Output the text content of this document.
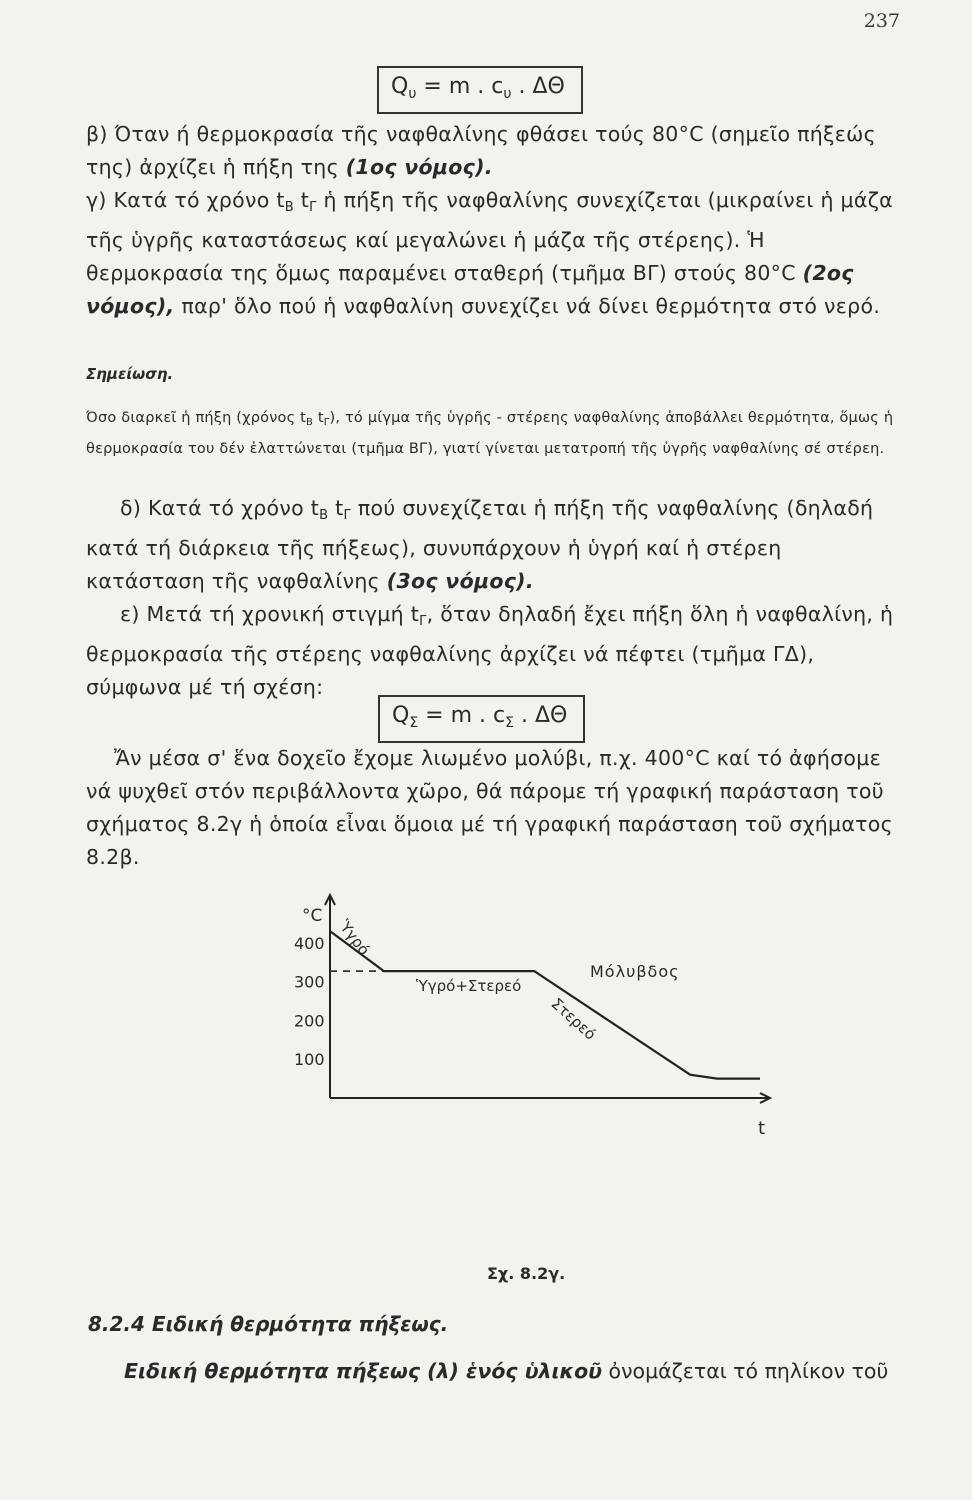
237
$Q_\upsilon = m$ . $c_\upsilon$ . ΔΘ

β) Όταν ή θερμοκρασία τῆς ναφθαλίνης φθάσει τούς 80°C (σημεῖο πήξεώς της) ἀρχίζει ἡ πήξη της (1ος νόμος).

γ) Κατά τό χρόνο $t_B$ $t_\Gamma$ ἡ πήξη τῆς ναφθαλίνης συνεχίζεται (μικραίνει ἡ μάζα τῆς ὑγρῆς καταστάσεως καί μεγαλώνει ἡ μάζα τῆς στέρεης). Ἡ θερμοκρασία της ὅμως παραμένει σταθερή (τμῆμα ΒΓ) στούς 80°C (2ος νόμος), παρ' ὅλο πού ἡ ναφθαλίνη συνεχίζει νά δίνει θερμότητα στό νερό.

Σημείωση.
Όσο διαρκεῖ ἡ πήξη (χρόνος $t_B$ $t_\Gamma$), τό μίγμα τῆς ὑγρῆς - στέρεης ναφθαλίνης ἀποβάλλει θερμότητα, ὅμως ἡ θερμοκρασία του δέν ἐλαττώνεται (τμῆμα ΒΓ), γιατί γίνεται μετατροπή τῆς ὑγρῆς ναφθαλίνης σέ στέρεη.

δ) Κατά τό χρόνο $t_B$ $t_\Gamma$ πού συνεχίζεται ἡ πήξη τῆς ναφθαλίνης (δηλαδή κατά τή διάρκεια τῆς πήξεως), συνυπάρχουν ἡ ὑγρή καί ἡ στέρεη κατάσταση τῆς ναφθαλίνης (3ος νόμος).

ε) Μετά τή χρονική στιγμή $t_\Gamma$, ὅταν δηλαδή ἔχει πήξη ὅλη ἡ ναφθαλίνη, ἡ θερμοκρασία τῆς στέρεης ναφθαλίνης ἀρχίζει νά πέφτει (τμῆμα ΓΔ), σύμφωνα μέ τή σχέση:

$Q_\Sigma = m$ . $c_\Sigma$ . ΔΘ

Ἄν μέσα σ' ἕνα δοχεῖο ἔχομε λιωμένο μολύβι, π.χ. 400°C καί τό ἀφήσομε νά ψυχθεῖ στόν περιβάλλοντα χῶρο, θά πάρομε τή γραφική παράσταση τοῦ σχήματος 8.2γ ἡ ὁποία εἶναι ὅμοια μέ τή γραφική παράσταση τοῦ σχήματος 8.2β.

°C
t
400
300
200
100
Μόλυβδος
Ὑγρό
Ὑγρό+Στερεό
Στερεό
Σχ. 8.2γ.
8.2.4 Ειδική θερμότητα πήξεως.
Ειδική θερμότητα πήξεως (λ) ἑνός ὑλικοῦ ὀνομάζεται τό πηλίκον τοῦ
